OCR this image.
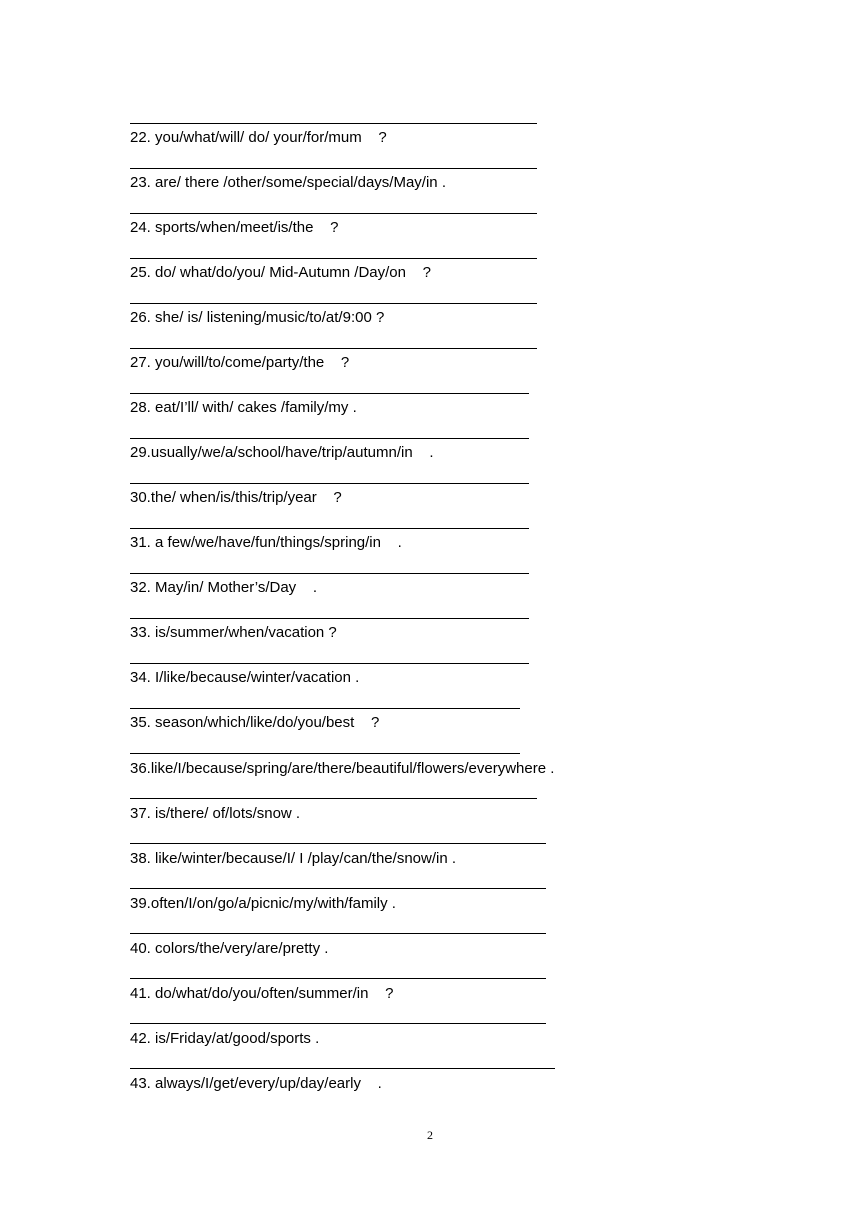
22. you/what/will/ do/ your/for/mum    ?
23. are/ there /other/some/special/days/May/in .
24. sports/when/meet/is/the    ?
25. do/ what/do/you/ Mid-Autumn /Day/on    ?
26. she/ is/ listening/music/to/at/9:00 ?
27. you/will/to/come/party/the    ?
28. eat/I’ll/ with/ cakes /family/my .
29.usually/we/a/school/have/trip/autumn/in    .
30.the/ when/is/this/trip/year    ?
31. a few/we/have/fun/things/spring/in    .
32. May/in/ Mother’s/Day    .
33. is/summer/when/vacation ?
34. I/like/because/winter/vacation .
35. season/which/like/do/you/best    ?
36.like/I/because/spring/are/there/beautiful/flowers/everywhere .
37. is/there/ of/lots/snow .
38. like/winter/because/I/ I /play/can/the/snow/in .
39.often/I/on/go/a/picnic/my/with/family .
40. colors/the/very/are/pretty .
41. do/what/do/you/often/summer/in    ?
42. is/Friday/at/good/sports .
43. always/I/get/every/up/day/early    .
2
